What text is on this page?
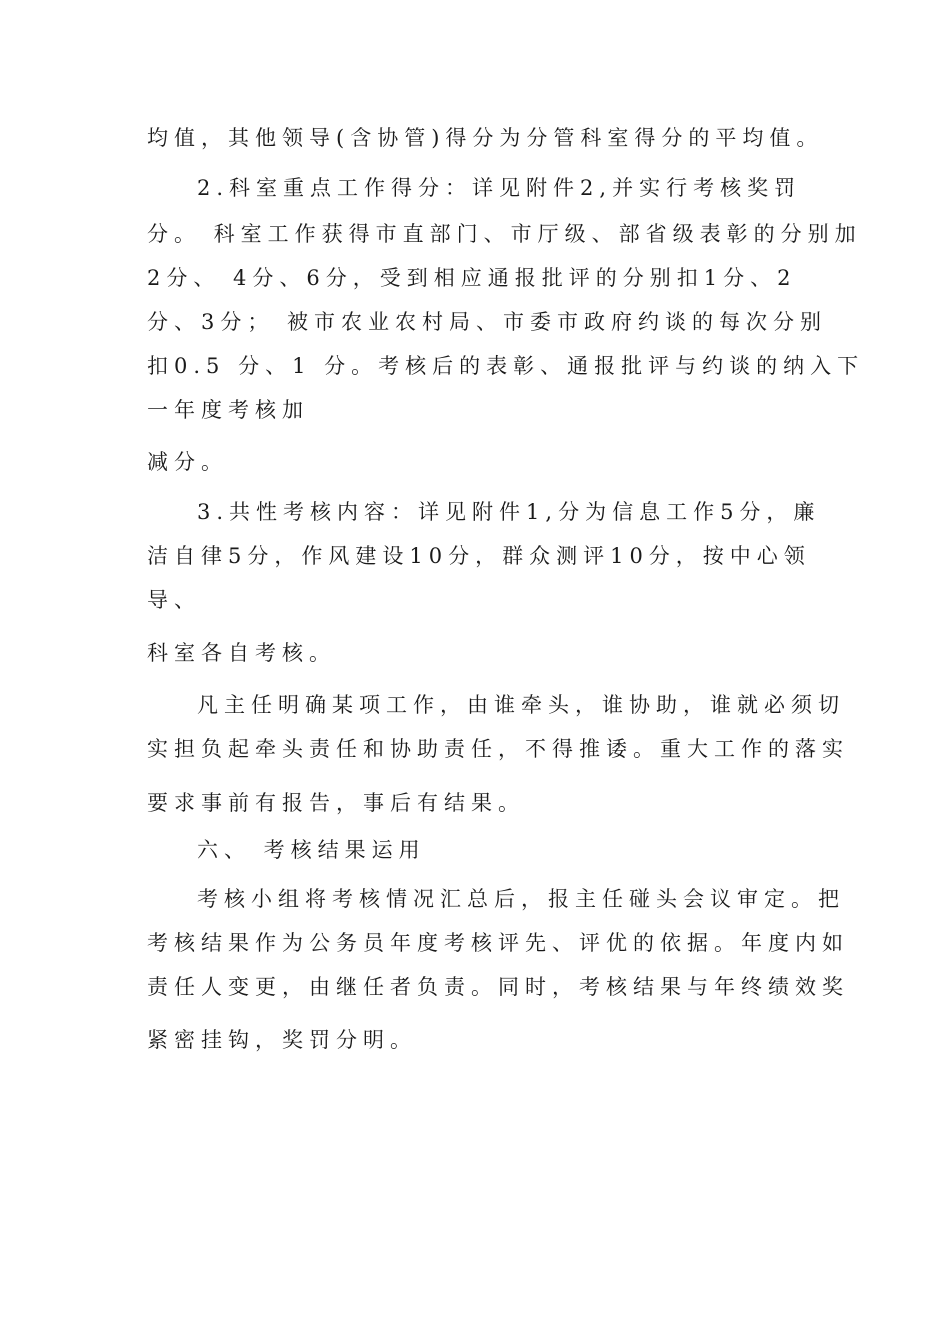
均值，其他领导(含协管)得分为分管科室得分的平均值。
2.科室重点工作得分：详见附件2,并实行考核奖罚
分。 科室工作获得市直部门、市厅级、部省级表彰的分别加
2分、 4分、6分，受到相应通报批评的分别扣1分、2
分、3分； 被市农业农村局、市委市政府约谈的每次分别
扣0.5 分、1 分。考核后的表彰、通报批评与约谈的纳入下
一年度考核加
减分。
3.共性考核内容：详见附件1,分为信息工作5分，廉
洁自律5分，作风建设10分，群众测评10分，按中心领
导、
科室各自考核。
凡主任明确某项工作，由谁牵头，谁协助，谁就必须切
实担负起牵头责任和协助责任，不得推诿。重大工作的落实
要求事前有报告，事后有结果。
六、 考核结果运用
考核小组将考核情况汇总后，报主任碰头会议审定。把
考核结果作为公务员年度考核评先、评优的依据。年度内如
责任人变更，由继任者负责。同时，考核结果与年终绩效奖
紧密挂钩，奖罚分明。
